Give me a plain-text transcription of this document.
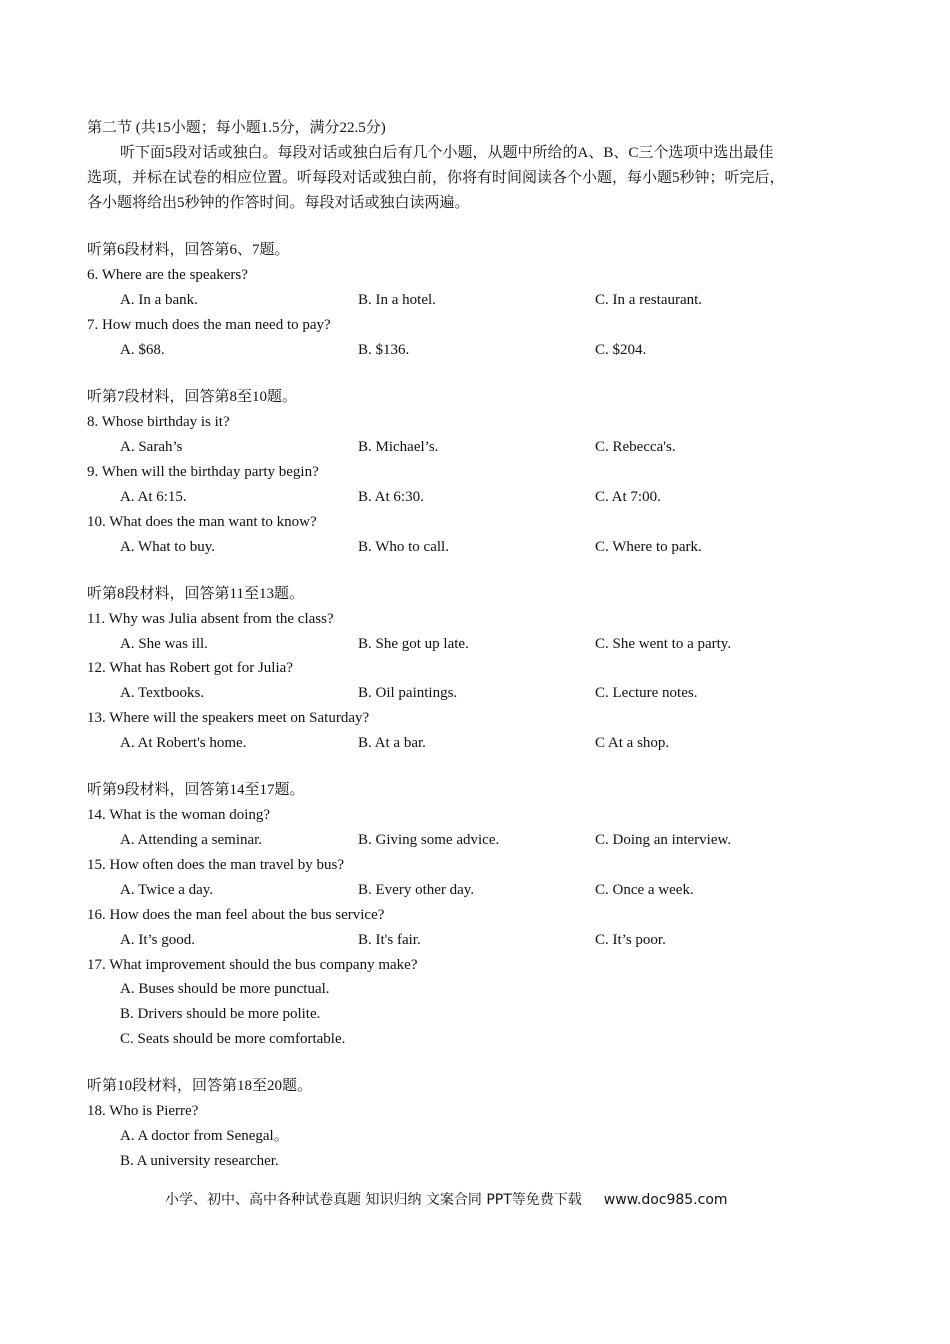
第二节 (共15小题；每小题1.5分，满分22.5分)
听下面5段对话或独白。每段对话或独白后有几个小题，从题中所给的A、B、C三个选项中选出最佳
选项，并标在试卷的相应位置。听每段对话或独白前，你将有时间阅读各个小题，每小题5秒钟；听完后，
各小题将给出5秒钟的作答时间。每段对话或独白读两遍。
听第6段材料，回答第6、7题。
6. Where are the speakers?
A. In a bank.	B. In a hotel.	C. In a restaurant.
7. How much does the man need to pay?
A. $68.	B. $136.	C. $204.
听第7段材料，回答第8至10题。
8. Whose birthday is it?
A. Sarah’s	B. Michael’s.	C. Rebecca's.
9. When will the birthday party begin?
A. At 6:15.	B. At 6:30.	C. At 7:00.
10. What does the man want to know?
A. What to buy.	B. Who to call.	C. Where to park.
听第8段材料，回答第11至13题。
11. Why was Julia absent from the class?
A. She was ill.	B. She got up late.	C. She went to a party.
12. What has Robert got for Julia?
A. Textbooks.	B. Oil paintings.	C. Lecture notes.
13. Where will the speakers meet on Saturday?
A. At Robert's home.	B. At a bar.	C At a shop.
听第9段材料，回答第14至17题。
14. What is the woman doing?
A. Attending a seminar.	B. Giving some advice.	C. Doing an interview.
15. How often does the man travel by bus?
A. Twice a day.	B. Every other day.	C. Once a week.
16. How does the man feel about the bus service?
A. It’s good.	B. It's fair.	C. It’s poor.
17. What improvement should the bus company make?
A. Buses should be more punctual.
B. Drivers should be more polite.
C. Seats should be more comfortable.
听第10段材料，回答第18至20题。
18. Who is Pierre?
A. A doctor from Senegal。
B. A university researcher.
小学、初中、高中各种试卷真题 知识归纳 文案合同 PPT等免费下载 www.doc985.com
